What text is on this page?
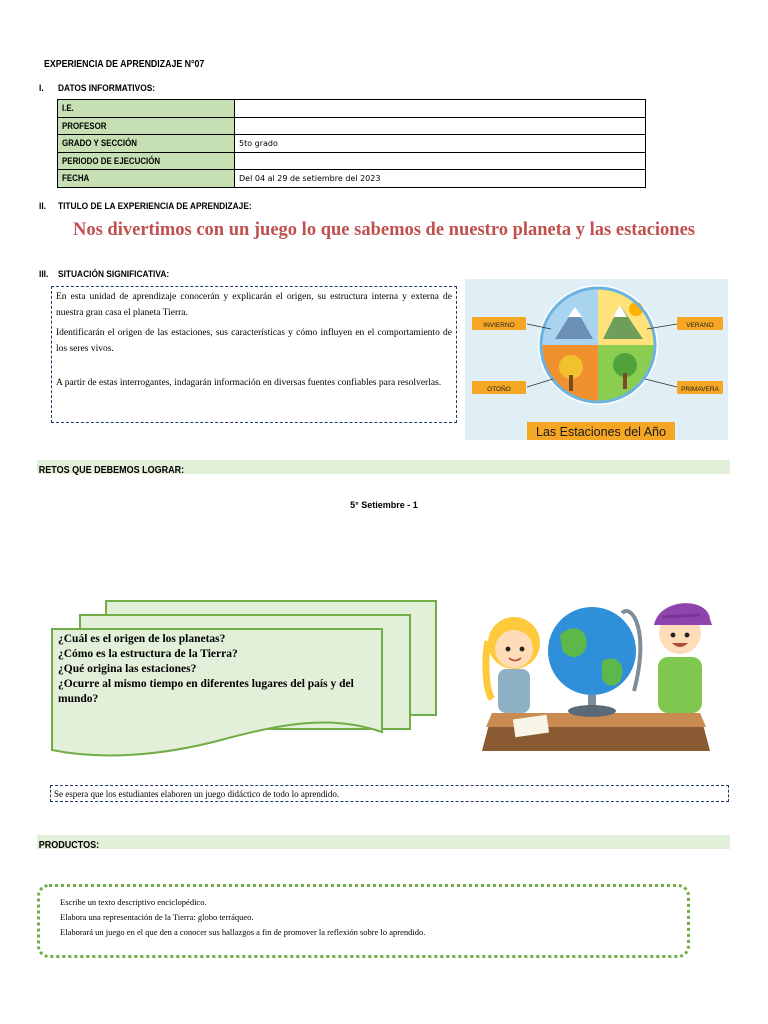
EXPERIENCIA DE APRENDIZAJE N°07
I. DATOS INFORMATIVOS:
I.E.	
PROFESOR	
GRADO Y SECCIÓN	5to grado
PERIODO DE EJECUCIÓN	
FECHA	Del 04 al 29 de setiembre del 2023
II. TITULO DE LA EXPERIENCIA DE APRENDIZAJE:
Nos divertimos con un juego lo que sabemos de nuestro planeta y las estaciones
III. SITUACIÓN SIGNIFICATIVA:

En esta unidad de aprendizaje conocerán y explicarán el origen, su estructura interna y externa de nuestra gran casa el planeta Tierra.

Identificarán el origen de las estaciones, sus características y cómo influyen en el comportamiento de los seres vivos.

A partir de estas interrogantes, indagarán información en diversas fuentes confiables para resolverlas.

INVIERNO	VERANO
OTOÑO	PRIMAVERA
Las Estaciones del Año
RETOS QUE DEBEMOS LOGRAR:
5° Setiembre - 1
¿Cuál es el origen de los planetas?
¿Cómo es la estructura de la Tierra?
¿Qué origina las estaciones?
¿Ocurre al mismo tiempo en diferentes lugares del país y del mundo?
Se espera que los estudiantes elaboren un juego didáctico de todo lo aprendido.
PRODUCTOS:
Escribe un texto descriptivo enciclopédico.
Elabora una representación de la Tierra: globo terráqueo.
Elaborará un juego en el que den a conocer sus hallazgos a fin de promover la reflexión sobre lo aprendido.
